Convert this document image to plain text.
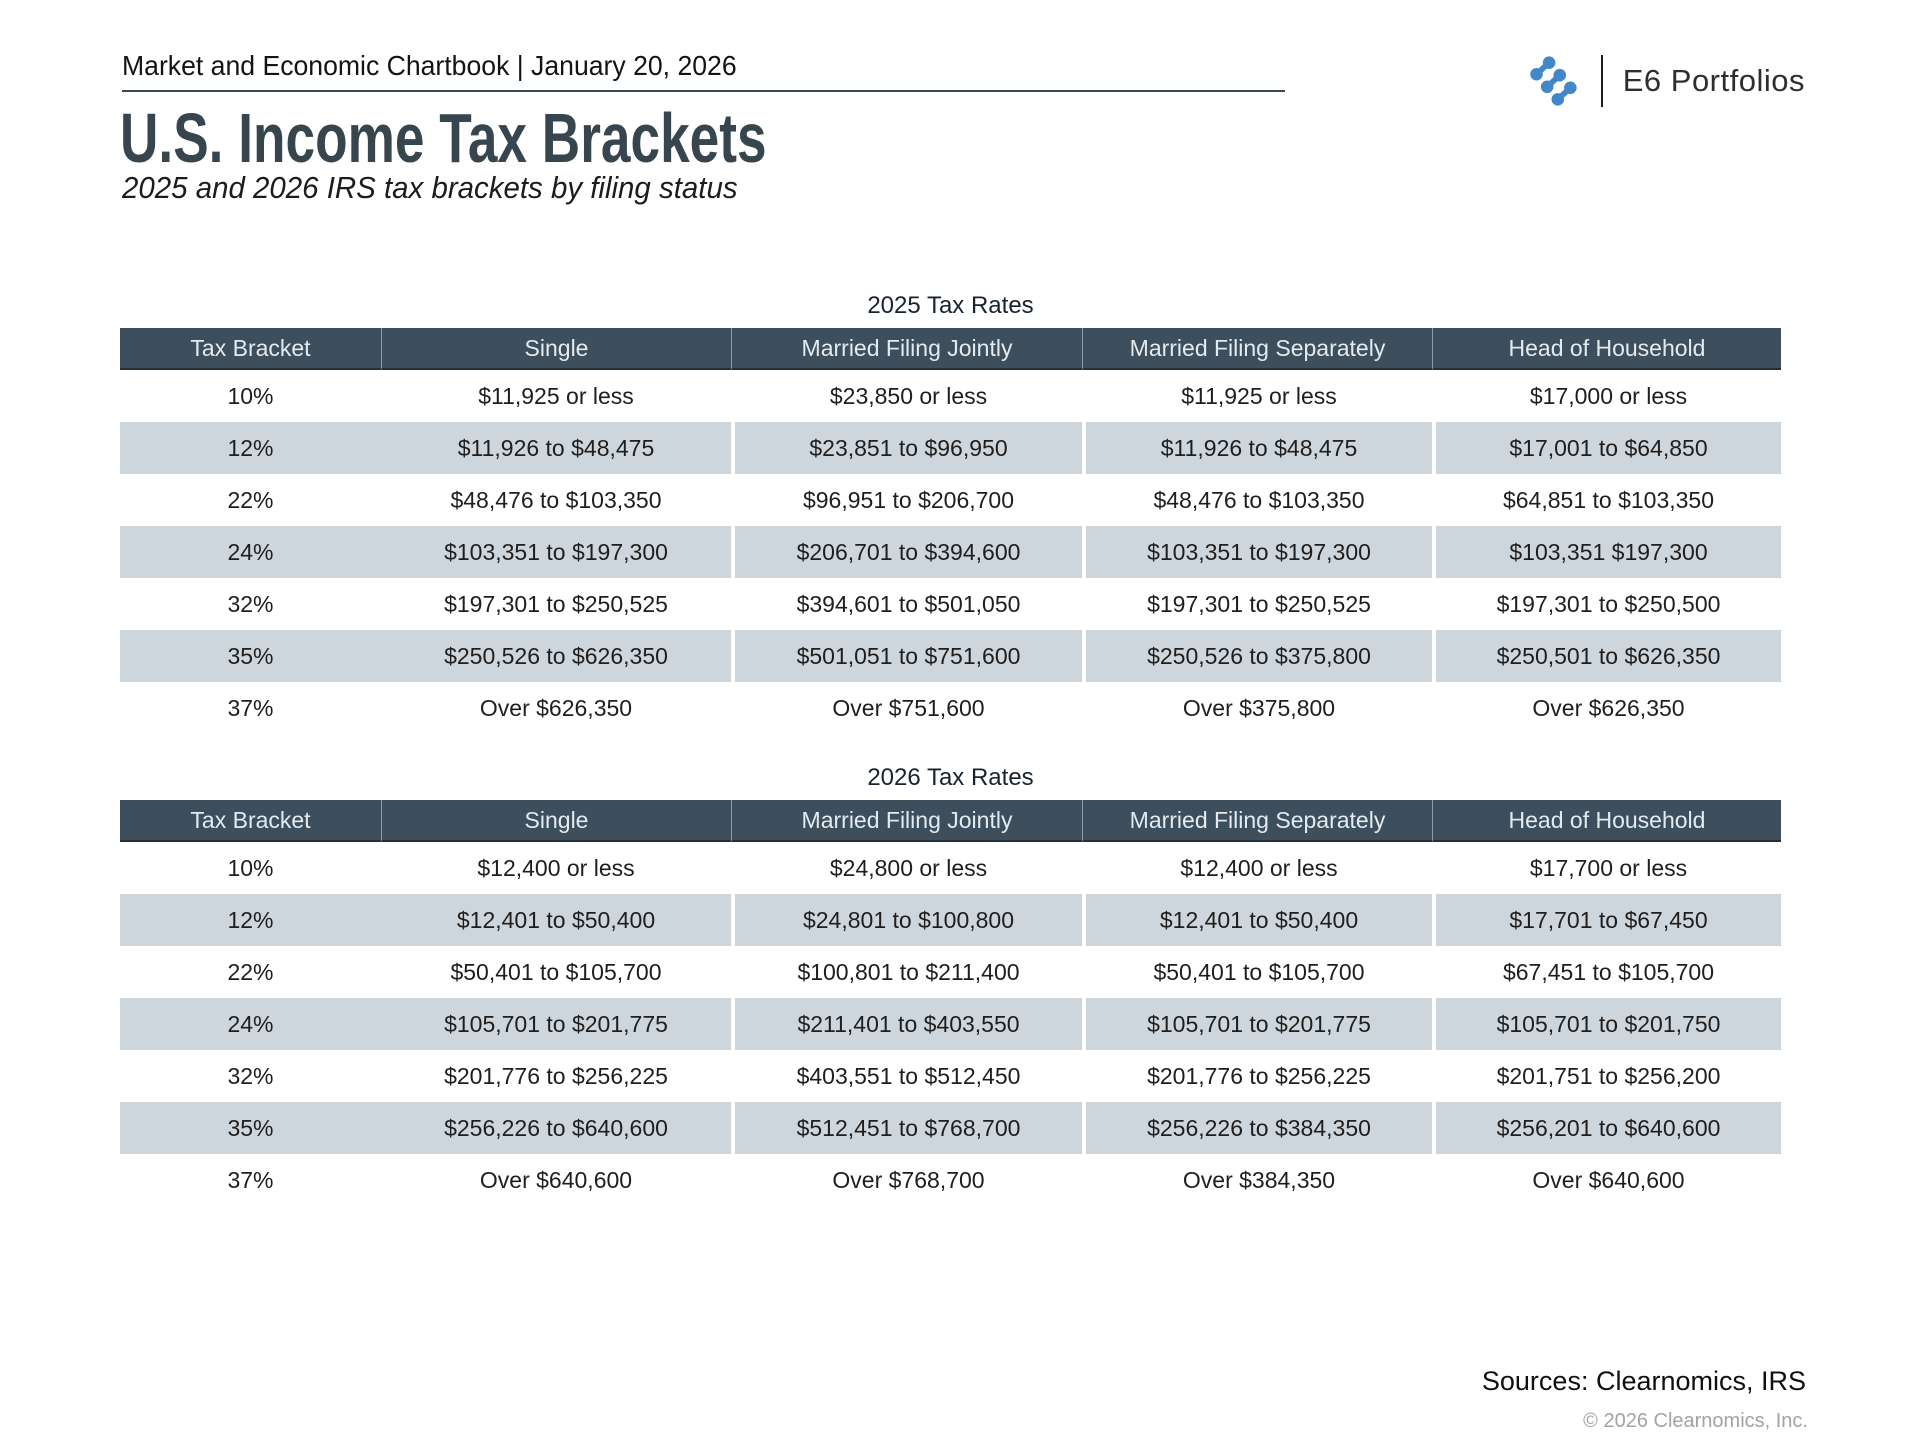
Market and Economic Chartbook | January 20, 2026	E6 Portfolios
U.S. Income Tax Brackets
2025 and 2026 IRS tax brackets by filing status
2025 Tax Rates
Tax Bracket	Single	Married Filing Jointly	Married Filing Separately	Head of Household
10%	$11,925 or less	$23,850 or less	$11,925 or less	$17,000 or less
12%	$11,926 to $48,475	$23,851 to $96,950	$11,926 to $48,475	$17,001 to $64,850
22%	$48,476 to $103,350	$96,951 to $206,700	$48,476 to $103,350	$64,851 to $103,350
24%	$103,351 to $197,300	$206,701 to $394,600	$103,351 to $197,300	$103,351 $197,300
32%	$197,301 to $250,525	$394,601 to $501,050	$197,301 to $250,525	$197,301 to $250,500
35%	$250,526 to $626,350	$501,051 to $751,600	$250,526 to $375,800	$250,501 to $626,350
37%	Over $626,350	Over $751,600	Over $375,800	Over $626,350
2026 Tax Rates
Tax Bracket	Single	Married Filing Jointly	Married Filing Separately	Head of Household
10%	$12,400 or less	$24,800 or less	$12,400 or less	$17,700 or less
12%	$12,401 to $50,400	$24,801 to $100,800	$12,401 to $50,400	$17,701 to $67,450
22%	$50,401 to $105,700	$100,801 to $211,400	$50,401 to $105,700	$67,451 to $105,700
24%	$105,701 to $201,775	$211,401 to $403,550	$105,701 to $201,775	$105,701 to $201,750
32%	$201,776 to $256,225	$403,551 to $512,450	$201,776 to $256,225	$201,751 to $256,200
35%	$256,226 to $640,600	$512,451 to $768,700	$256,226 to $384,350	$256,201 to $640,600
37%	Over $640,600	Over $768,700	Over $384,350	Over $640,600
Sources: Clearnomics, IRS
© 2026 Clearnomics, Inc.
